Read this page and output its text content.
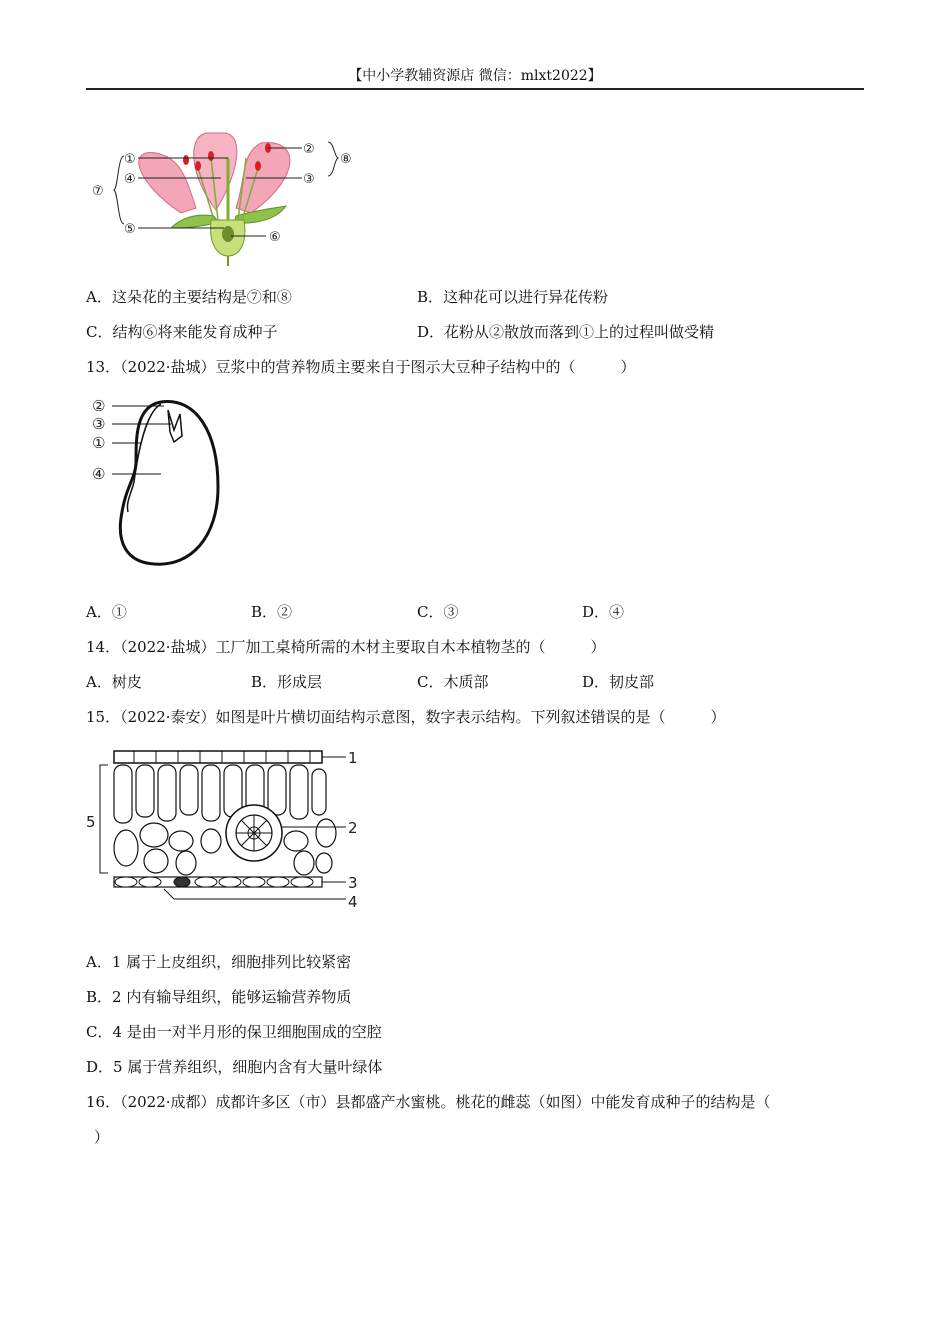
【中小学教辅资源店 微信：mlxt2022】
①
④
②
③
⑤
⑥
⑦
⑧
A．这朵花的主要结构是⑦和⑧	B．这种花可以进行异花传粉
C．结构⑥将来能发育成种子	D．花粉从②散放而落到①上的过程叫做受精
13．（2022·盐城）豆浆中的营养物质主要来自于图示大豆种子结构中的（　　　）
②
③
①
④
A．①	B．②	C．③	D．④
14．（2022·盐城）工厂加工桌椅所需的木材主要取自木本植物茎的（　　　）
A．树皮	B．形成层	C．木质部	D．韧皮部
15．（2022·泰安）如图是叶片横切面结构示意图，数字表示结构。下列叙述错误的是（　　　）
1
2
3
4
5
A．1 属于上皮组织，细胞排列比较紧密
B．2 内有输导组织，能够运输营养物质
C．4 是由一对半月形的保卫细胞围成的空腔
D．5 属于营养组织，细胞内含有大量叶绿体
16．（2022·成都）成都许多区（市）县都盛产水蜜桃。桃花的雌蕊（如图）中能发育成种子的结构是（
）
